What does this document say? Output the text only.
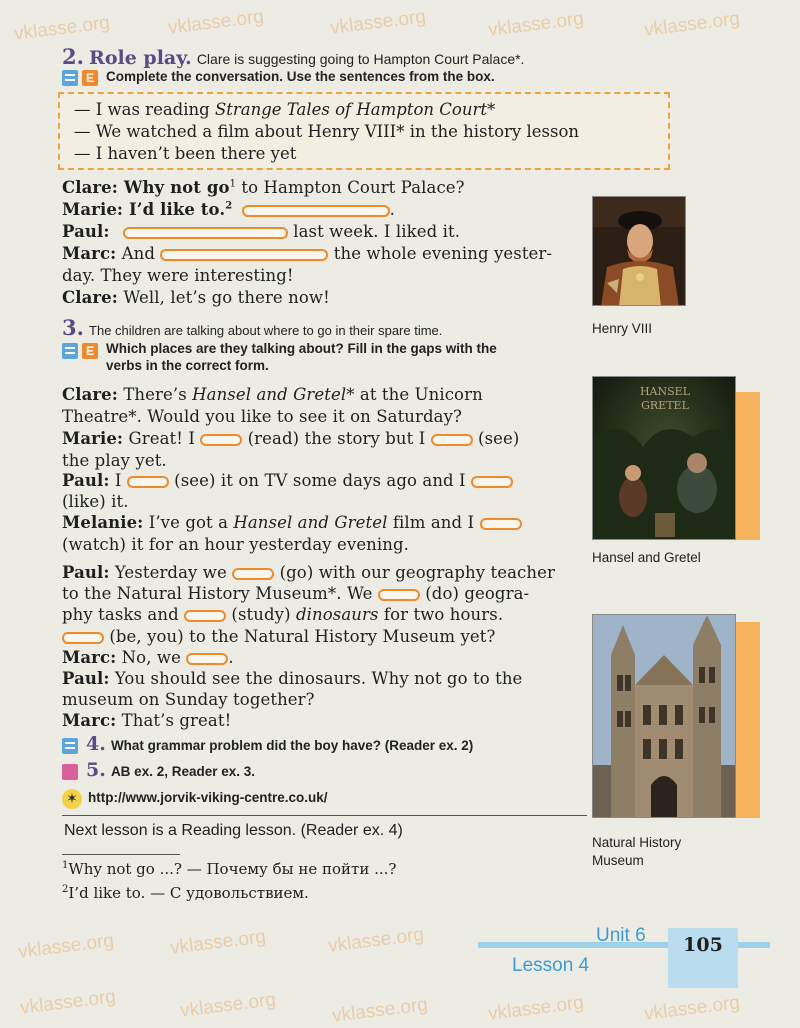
vklasse.org	vklasse.org	vklasse.org	vklasse.org	vklasse.org
vklasse.org
vklasse.org	vklasse.org
vklasse.org	vklasse.org	vklasse.org	vklasse.org
vklasse.org
2. Role play. Clare is suggesting going to Hampton Court Palace*.
E Complete the conversation. Use the sentences from the box.
— I was reading Strange Tales of Hampton Court*
— We watched a film about Henry VIII* in the history lesson
— I haven’t been there yet
Clare: Why not $go^1$ to Hampton Court Palace?
Marie: I’d like to.$^2$	.
Paul:	last week. I liked it.
Marc: And	the whole evening yester-
day. They were interesting!
Clare: Well, let’s go there now!
3. The children are talking about where to go in their spare time.
E Which places are they talking about? Fill in the gaps with the
verbs in the correct form.
Clare: There’s Hansel and Gretel* at the Unicorn
Theatre*. Would you like to see it on Saturday?
Marie: Great! I	(read) the story but I	(see)
the play yet.
Paul: I	(see) it on TV some days ago and I
(like) it.
Melanie: I’ve got a Hansel and Gretel film and I
(watch) it for an hour yesterday evening.
Paul: Yesterday we	(go) with our geography teacher
to the Natural History Museum*. We	(do) geogra-
phy tasks and	(study) dinosaurs for two hours.
(be, you) to the Natural History Museum yet?
Marc: No, we	.
Paul: You should see the dinosaurs. Why not go to the
museum on Sunday together?
Marc: That’s great!
4. What grammar problem did the boy have? (Reader ex. 2)
5. AB ex. 2, Reader ex. 3.
✶ http://www.jorvik-viking-centre.co.uk/
Next lesson is a Reading lesson. (Reader ex. 4)
$^1$Why not go ...? — Почему бы не пойти ...?
$^2$I’d like to. — С удовольствием.
Henry VIII
HANSEL
GRETEL
Hansel and Gretel
Natural History
Museum
Unit 6
Lesson 4
105
